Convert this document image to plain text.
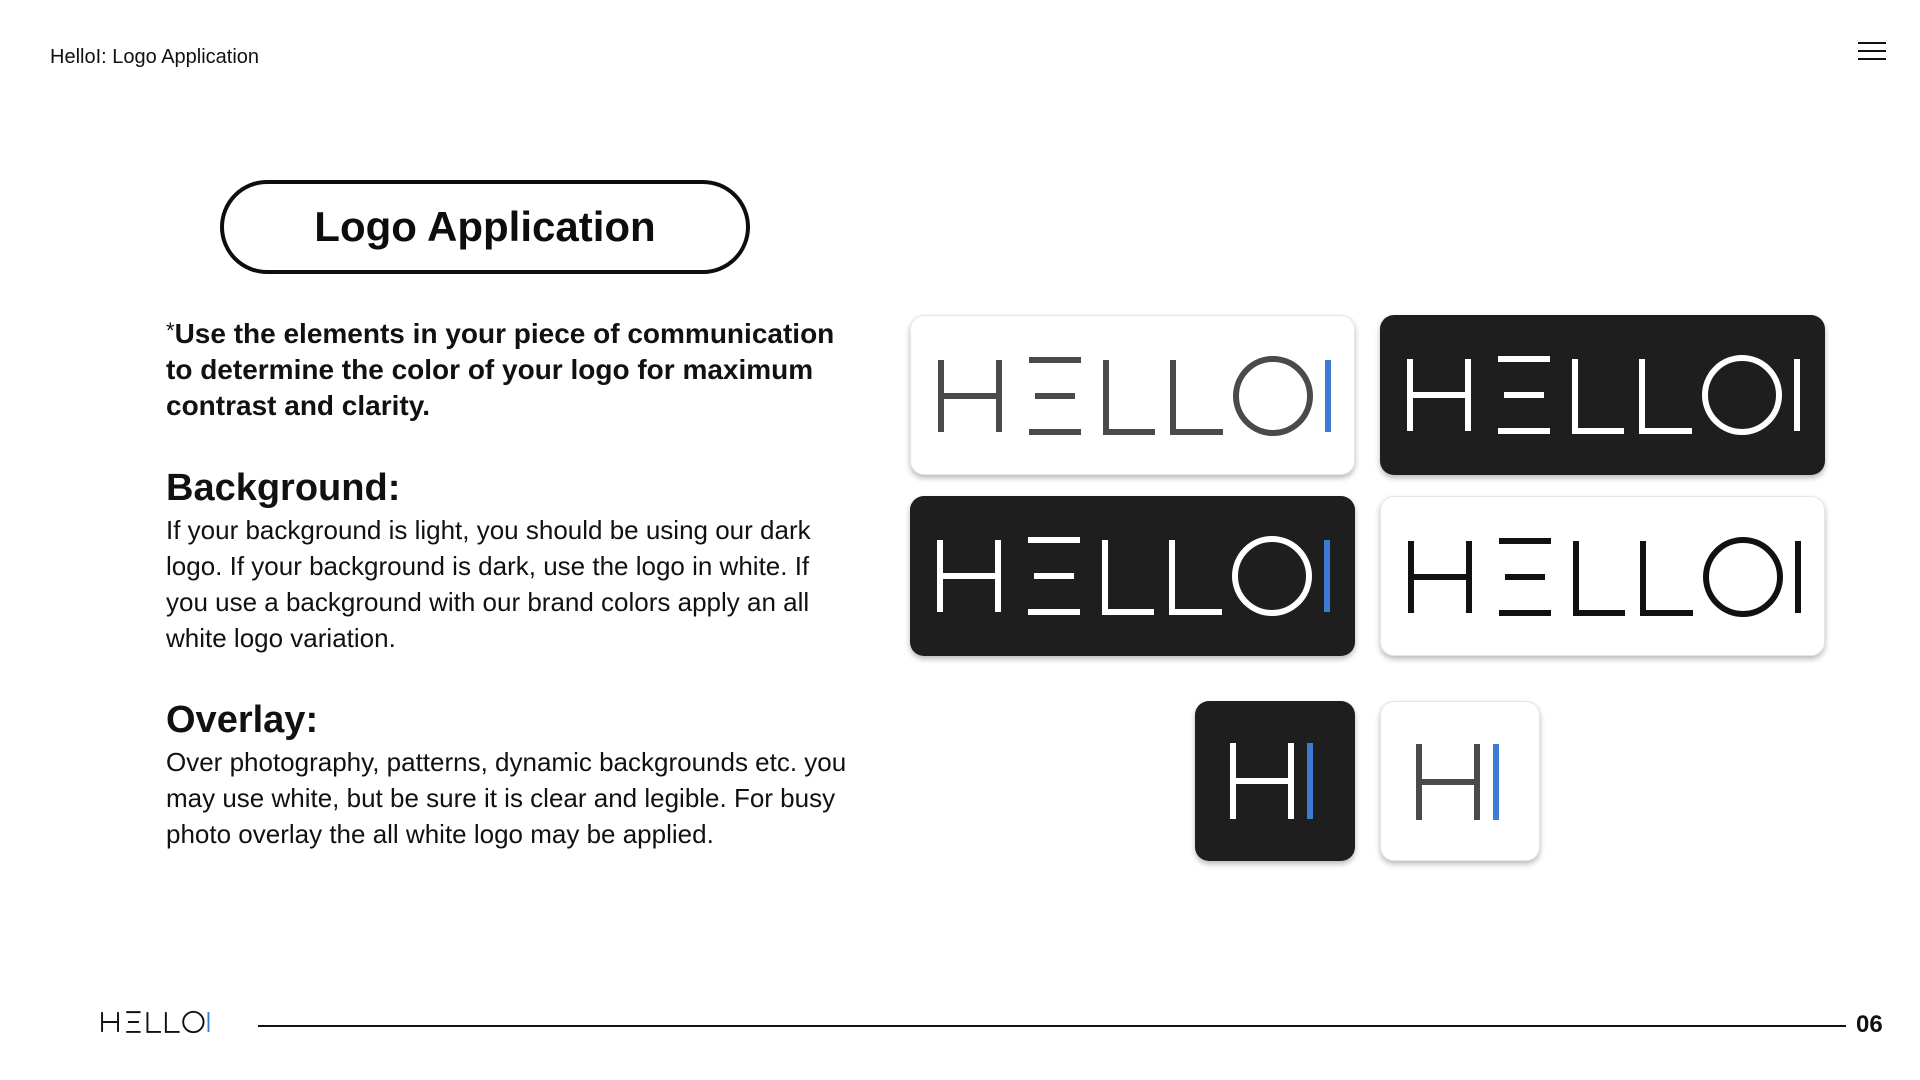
HelloI: Logo Application
Logo Application

*Use the elements in your piece of communication to determine the color of your logo for maximum contrast and clarity.

Background:

If your background is light, you should be using our dark logo. If your background is dark, use the logo in white. If you use a background with our brand colors apply an all white logo variation.

Overlay:

Over photography, patterns, dynamic backgrounds etc. you may use white, but be sure it is clear and legible. For busy photo overlay the all white logo may be applied.

06
